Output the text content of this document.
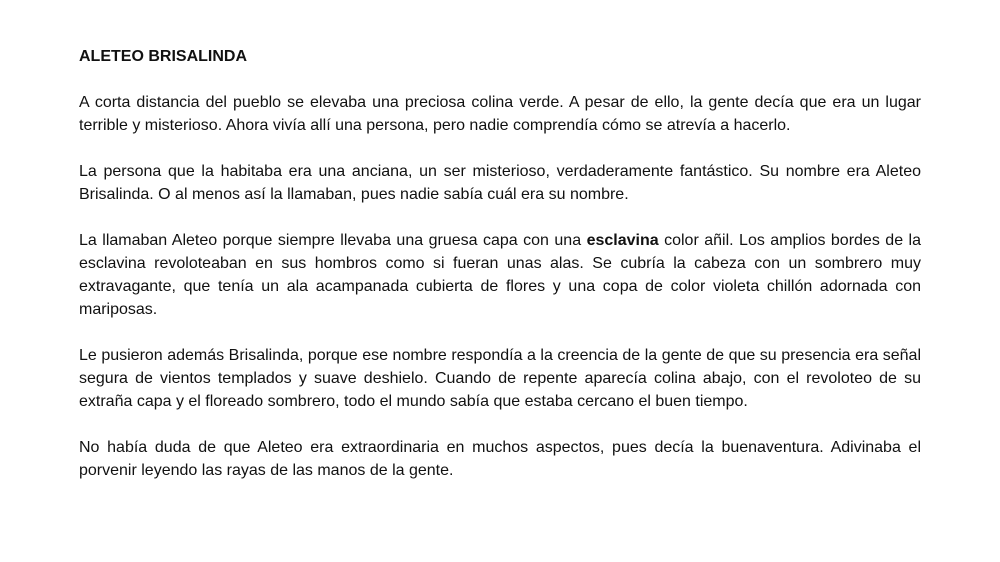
ALETEO BRISALINDA

A corta distancia del pueblo se elevaba una preciosa colina verde. A pesar de ello, la gente decía que era un lugar terrible y misterioso. Ahora vivía allí una persona, pero nadie comprendía cómo se atrevía a hacerlo.

La persona que la habitaba era una anciana, un ser misterioso, verdaderamente fantástico. Su nombre era Aleteo Brisalinda. O al menos así la llamaban, pues nadie sabía cuál era su nombre.

La llamaban Aleteo porque siempre llevaba una gruesa capa con una esclavina color añil. Los amplios bordes de la esclavina revoloteaban en sus hombros como si fueran unas alas. Se cubría la cabeza con un sombrero muy extravagante, que tenía un ala acampanada cubierta de flores y una copa de color violeta chillón adornada con mariposas.

Le pusieron además Brisalinda, porque ese nombre respondía a la creencia de la gente de que su presencia era señal segura de vientos templados y suave deshielo. Cuando de repente aparecía colina abajo, con el revoloteo de su extraña capa y el floreado sombrero, todo el mundo sabía que estaba cercano el buen tiempo.

No había duda de que Aleteo era extraordinaria en muchos aspectos, pues decía la buenaventura. Adivinaba el porvenir leyendo las rayas de las manos de la gente.
